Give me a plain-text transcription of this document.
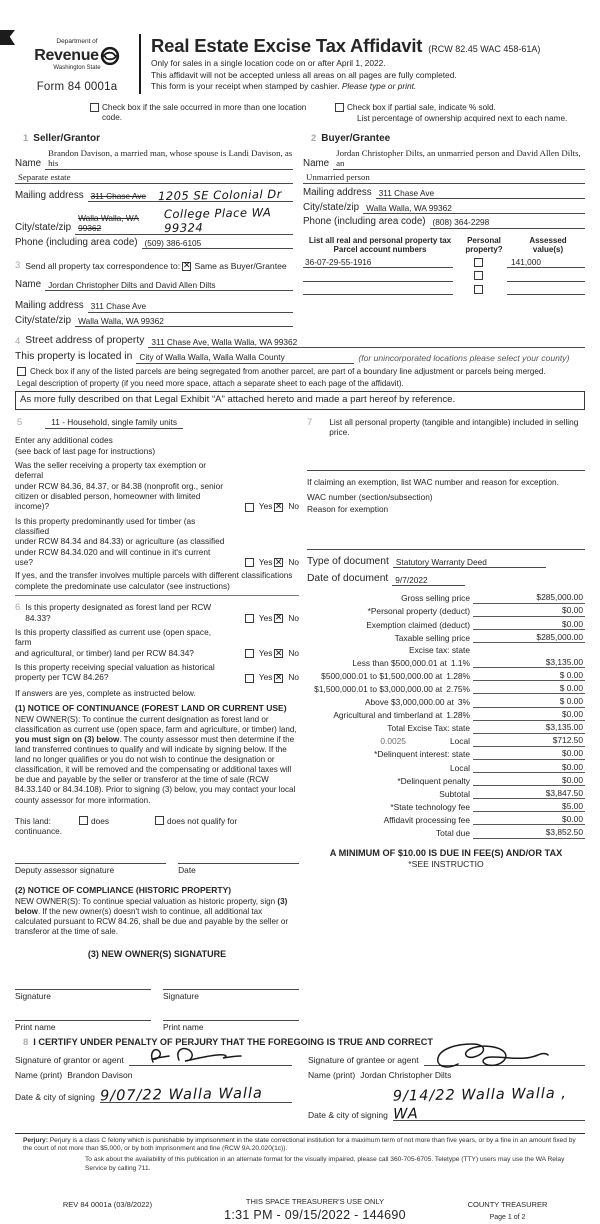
Department of
Revenue
Washington State
Form 84 0001a
Real Estate Excise Tax Affidavit (RCW 82.45 WAC 458-61A)
Only for sales in a single location code on or after April 1, 2022.
This affidavit will not be accepted unless all areas on all pages are fully completed.
This form is your receipt when stamped by cashier. Please type or print.
Check box if the sale occurred in more than one location code.
Check box if partial sale, indicate % sold.
List percentage of ownership acquired next to each name.
1 Seller/Grantor
Name
Brandon Davison, a married man, whose spouse is Landi Davison, as his
Separate estate
Mailing address 311 Chase Ave 1205 SE Colonial Dr
City/state/zip
Walla Walla, WA 99362
College Place WA 99324
Phone (including area code) (509) 386-6105
3 Send all property tax correspondence to:

✕ Same as Buyer/Grantee
Name Jordan Christopher Dilts and David Allen Dilts
Mailing address 311 Chase Ave
City/state/zip Walla Walla, WA 99362
2 Buyer/Grantee
Name
Jordan Christopher Dilts, an unmarried person and David Allen Dilts, an
Unmarried person
Mailing address 311 Chase Ave
City/state/zip Walla Walla, WA 99362
Phone (including area code) (808) 364-2298
List all real and personal property tax
Parcel account numbers
Personal
property?
Assessed
value(s)
36-07-29-55-1916	141,000
4 Street address of property 311 Chase Ave, Walla Walla, WA 99362
This property is located in City of Walla Walla, Walla Walla County	(for unincorporated locations please select your county)
Check box if any of the listed parcels are being segregated from another parcel, are part of a boundary line adjustment or parcels being merged.
Legal description of property (if you need more space, attach a separate sheet to each page of the affidavit).
As more fully described on that Legal Exhibit “A” attached hereto and made a part hereof by reference.
5	11 - Household, single family units
Enter any additional codes
(see back of last page for instructions)
Was the seller receiving a property tax exemption or deferral
under RCW 84.36, 84.37, or 84.38 (nonprofit org., senior
citizen or disabled person, homeowner with limited income)?	Yes ✕ No
Is this property predominantly used for timber (as classified
under RCW 84.34 and 84.33) or agriculture (as classified
under RCW 84.34.020 and will continue in it's current use?	Yes ✕ No
If yes, and the transfer involves multiple parcels with different classifications
complete the predominate use calculator (see instructions)
6 Is this property designated as forest land per RCW 84.33?	Yes ✕ No
Is this property classified as current use (open space, farm
and agricultural, or timber) land per RCW 84.34?	Yes ✕ No
Is this property receiving special valuation as historical
property per TCW 84.26?	Yes ✕ No
If answers are yes, complete as instructed below.
(1) NOTICE OF CONTINUANCE (FOREST LAND OR CURRENT USE)
NEW OWNER(S): To continue the current designation as forest land or classification as current use (open space, farm and agriculture, or timber) land, you must sign on (3) below. The county assessor must then determine if the land transferred continues to qualify and will indicate by signing below. If the land no longer qualifies or you do not wish to continue the designation or classification, it will be removed and the compensating or additional taxes will be due and payable by the seller or transferor at the time of sale (RCW 84.33.140 or 84.34.108). Prior to signing (3) below, you may contact your local county assessor for more information.
This land:	does	does not qualify for
continuance.
Deputy assessor signature	Date
(2) NOTICE OF COMPLIANCE (HISTORIC PROPERTY)
NEW OWNER(S): To continue special valuation as historic property, sign (3) below. If the new owner(s) doesn't wish to continue, all additional tax calculated pursuant to RCW 84.26, shall be due and payable by the seller or transferor at the time of sale.
(3) NEW OWNER(S) SIGNATURE
Signature	Signature
Print name	Print name
7 List all personal property (tangible and intangible) included in selling price.
If claiming an exemption, list WAC number and reason for exception.
WAC number (section/subsection)
Reason for exemption
Type of document Statutory Warranty Deed
Date of document 9/7/2022
Gross selling price	$285,000.00
*Personal property (deduct)	$0.00
Exemption claimed (deduct)	$0.00
Taxable selling price	$285,000.00
Excise tax: state
Less than $500,000.01 at 1.1%	$3,135.00
$500,000.01 to $1,500,000.00 at 1.28%	$ 0.00
$1,500,000.01 to $3,000,000.00 at 2.75%	$ 0.00
Above $3,000,000.00 at 3%	$ 0.00
Agricultural and timberland at 1.28%	$0.00
Total Excise Tax: state	$3,135.00
0.0025	Local	$712.50
*Delinquent interest: state	$0.00
Local	$0.00
*Delinquent penalty	$0.00
Subtotal	$3,847.50
*State technology fee	$5.00
Affidavit processing fee	$0.00
Total due	$3,852.50
A MINIMUM OF $10.00 IS DUE IN FEE(S) AND/OR TAX
*SEE INSTRUCTIO
8 I CERTIFY UNDER PENALTY OF PERJURY THAT THE FOREGOING IS TRUE AND CORRECT
Signature of grantor or agent
Name (print) Brandon Davison
Date & city of signing 9/07/22 Walla Walla
Signature of grantee or agent
Name (print) Jordan Christopher Dilts
Date & city of signing
9/14/22 Walla Walla , WA
Perjury: Perjury is a class C felony which is punishable by imprisonment in the state correctional institution for a maximum term of not more than five years, or by a fine in an amount fixed by the court of not more than $5,000, or by both imprisonment and fine (RCW 9A.20.020(1c)).
To ask about the availability of this publication in an alternate format for the visually impaired, please call 360-705-6705. Teletype (TTY) users may use the WA Relay Service by calling 711.
REV 84 0001a (03/8/2022)	THIS SPACE TREASURER'S USE ONLY
1:31 PM - 09/15/2022 - 144690
COUNTY TREASURER
Page 1 of 2
